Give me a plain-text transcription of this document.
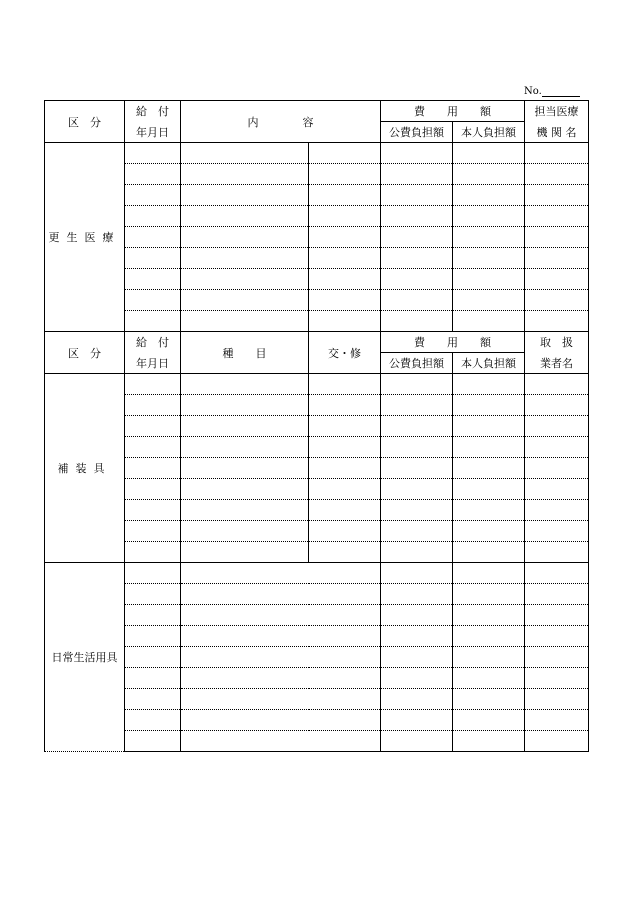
No.
区　分	給　付	内　　　　容		費　　用　　額		担当医療
	年月日			公費負担額	本人負担額	機 関 名
更生医療						

区　分	給　付	種　　目	交・修	費　　用　　額		取　扱
	年月日			公費負担額	本人負担額	業者名
補装具						

日常生活用具						
